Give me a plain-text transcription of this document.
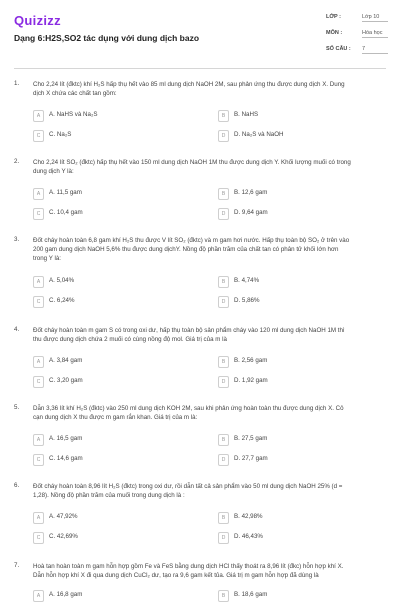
Quizizz
Dạng 6:H2S,SO2 tác dụng với dung dịch bazo
LỚP :	Lớp 10
MÔN :	Hóa học
SỐ CÂU :	7
1. Cho 2,24 lít (đktc) khí H₂S hấp thụ hết vào 85 ml dung dịch NaOH 2M, sau phản ứng thu được dung dịch X. Dung
dịch X chứa các chất tan gồm:
A	A. NaHS và Na₂S	B	B. NaHS
C	C. Na₂S	D	D. Na₂S và NaOH
2. Cho 2,24 lít SO₂ (đktc) hấp thụ hết vào 150 ml dung dịch NaOH 1M thu được dung dịch Y. Khối lượng muối có trong
dung dịch Y là:
A	A. 11,5 gam	B	B. 12,6 gam
C	C. 10,4 gam	D	D. 9,64 gam
3. Đốt cháy hoàn toàn 6,8 gam khí H₂S thu được V lít SO₂ (đktc) và m gam hơi nước. Hấp thụ toàn bộ SO₂ ở trên vào
200 gam dung dịch NaOH 5,6% thu được dung dịchY. Nồng độ phần trăm của chất tan có phân tử khối lớn hơn
trong Y là:
A	A. 5,04%	B	B. 4,74%
C	C. 6,24%	D	D. 5,86%
4. Đốt cháy hoàn toàn m gam S có trong oxi dư, hấp thụ toàn bộ sản phẩm cháy vào 120 ml dung dịch NaOH 1M thì
thu được dung dịch chứa 2 muối có cùng nồng độ mol. Giá trị của m là
A	A. 3,84 gam	B	B. 2,56 gam
C	C. 3,20 gam	D	D. 1,92 gam
5. Dẫn 3,36 lít khí H₂S (đktc) vào 250 ml dung dịch KOH 2M, sau khi phản ứng hoàn toàn thu được dung dịch X. Cô
cạn dung dịch X thu được m gam rắn khan. Giá trị của m là:
A	A. 16,5 gam	B	B. 27,5 gam
C	C. 14,6 gam	D	D. 27,7 gam
6. Đốt cháy hoàn toàn 8,96 lít H₂S (đktc) trong oxi dư, rồi dẫn tất cả sản phẩm vào 50 ml dung dịch NaOH 25% (d =
1,28). Nồng độ phần trăm của muối trong dung dịch là :
A	A. 47,92%	B	B. 42,98%
C	C. 42,69%	D	D. 46,43%
7. Hoà tan hoàn toàn m gam hỗn hợp gồm Fe và FeS bằng dung dịch HCl thấy thoát ra 8,96 lít (đkc) hỗn hợp khí X.
Dẫn hỗn hợp khí X đi qua dung dịch CuCl₂ dư, tạo ra 9,6 gam kết tủa. Giá trị m gam hỗn hợp đã dùng là
A	A. 16,8 gam	B	B. 18,6 gam
